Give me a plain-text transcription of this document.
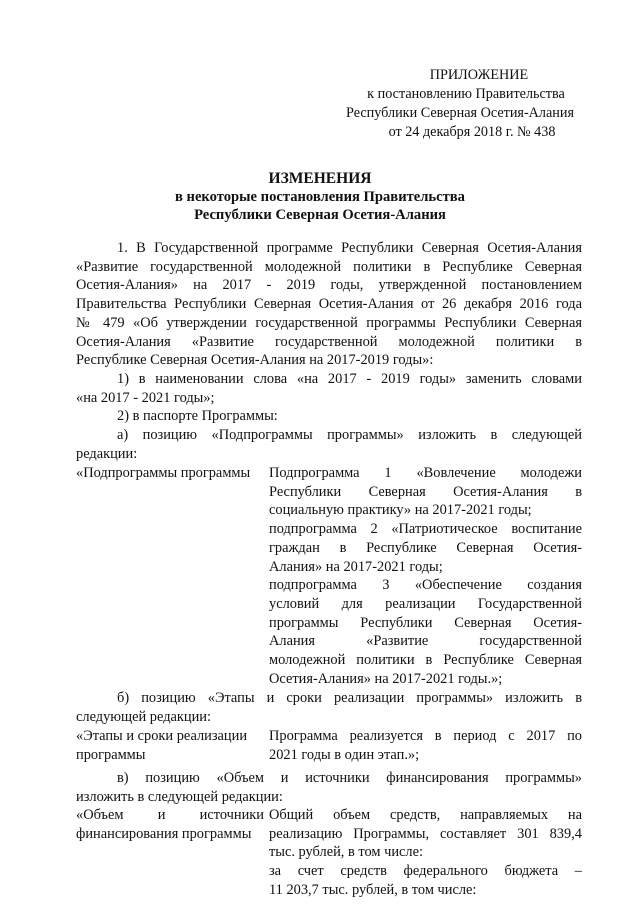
ПРИЛОЖЕНИЕ
к постановлению Правительства
Республики Северная Осетия-Алания
от 24 декабря 2018 г. № 438
ИЗМЕНЕНИЯ
в некоторые постановления Правительства
Республики Северная Осетия-Алания
1. В Государственной программе Республики Северная Осетия-Алания
«Развитие государственной молодежной политики в Республике Северная
Осетия-Алания» на 2017 - 2019 годы, утвержденной постановлением
Правительства Республики Северная Осетия-Алания от 26 декабря 2016 года
№ 479 «Об утверждении государственной программы Республики Северная
Осетия-Алания «Развитие государственной молодежной политики в
Республике Северная Осетия-Алания на 2017-2019 годы»:
1) в наименовании слова «на 2017 - 2019 годы» заменить словами
«на 2017 - 2021 годы»;
2) в паспорте Программы:
а) позицию «Подпрограммы программы» изложить в следующей
редакции:
«Подпрограммы программы	Подпрограмма 1 «Вовлечение молодежи
Республики Северная Осетия-Алания в
социальную практику» на 2017-2021 годы;
подпрограмма 2 «Патриотическое воспитание
граждан в Республике Северная Осетия-
Алания» на 2017-2021 годы;
подпрограмма 3 «Обеспечение создания
условий для реализации Государственной
программы Республики Северная Осетия-
Алания «Развитие государственной
молодежной политики в Республике Северная
Осетия-Алания» на 2017-2021 годы.»;
б) позицию «Этапы и сроки реализации программы» изложить в
следующей редакции:
«Этапы и сроки реализации
программы
Программа реализуется в период с 2017 по
2021 годы в один этап.»;
в) позицию «Объем и источники финансирования программы»
изложить в следующей редакции:
«Объем и источники
финансирования программы
Общий объем средств, направляемых на
реализацию Программы, составляет 301 839,4
тыс. рублей, в том числе:
за счет средств федерального бюджета –
11 203,7 тыс. рублей, в том числе:
